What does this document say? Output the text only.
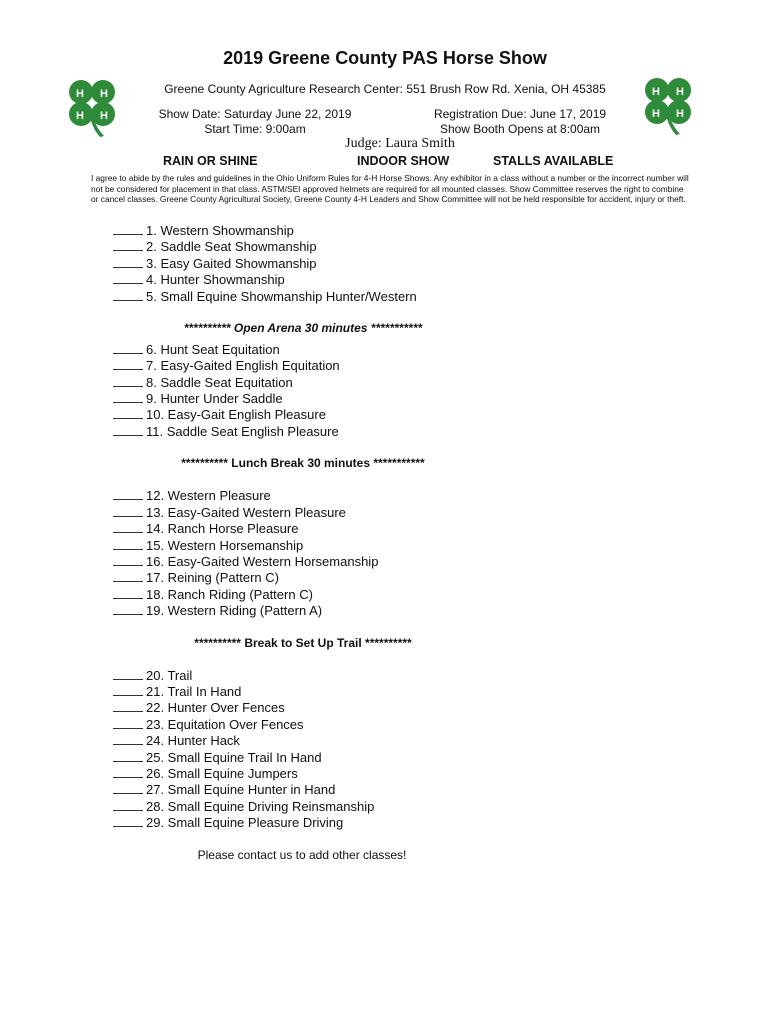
H H
H H
H H
H H
2019 Greene County PAS Horse Show
Greene County Agriculture Research Center: 551 Brush Row Rd. Xenia, OH 45385
Show Date: Saturday June 22, 2019
Start Time: 9:00am
Registration Due: June 17, 2019
Show Booth Opens at 8:00am
Judge: Laura Smith
RAIN OR SHINE	INDOOR SHOW	STALLS AVAILABLE
I agree to abide by the rules and guidelines in the Ohio Uniform Rules for 4-H Horse Shows. Any exhibitor in a class without a number or the incorrect number will not be considered for placement in that class. ASTM/SEI approved helmets are required for all mounted classes. Show Committee reserves the right to combine or cancel classes. Greene County Agricultural Society, Greene County 4-H Leaders and Show Committee will not be held responsible for accident, injury or theft.
1. Western Showmanship
2. Saddle Seat Showmanship
3. Easy Gaited Showmanship
4. Hunter Showmanship
5. Small Equine Showmanship Hunter/Western
6. Hunt Seat Equitation
7. Easy-Gaited English Equitation
8. Saddle Seat Equitation
9. Hunter Under Saddle
10. Easy-Gait English Pleasure
11. Saddle Seat English Pleasure
12. Western Pleasure
13. Easy-Gaited Western Pleasure
14. Ranch Horse Pleasure
15. Western Horsemanship
16. Easy-Gaited Western Horsemanship
17. Reining (Pattern C)
18. Ranch Riding (Pattern C)
19. Western Riding (Pattern A)
20. Trail
21. Trail In Hand
22. Hunter Over Fences
23. Equitation Over Fences
24. Hunter Hack
25. Small Equine Trail In Hand
26. Small Equine Jumpers
27. Small Equine Hunter in Hand
28. Small Equine Driving Reinsmanship
29. Small Equine Pleasure Driving
********** Open Arena 30 minutes ***********
********** Lunch Break 30 minutes ***********
********** Break to Set Up Trail **********
Please contact us to add other classes!
